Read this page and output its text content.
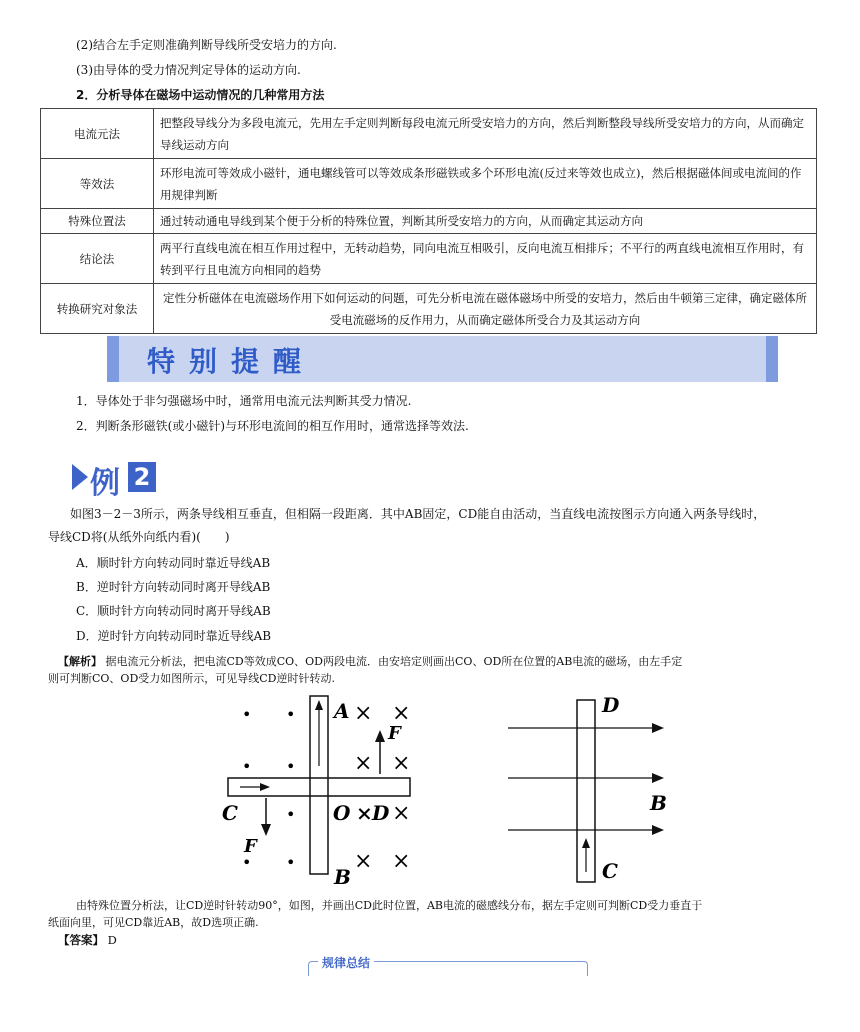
(2)结合左手定则准确判断导线所受安培力的方向.
(3)由导体的受力情况判定导体的运动方向.
2．分析导体在磁场中运动情况的几种常用方法
电流元法	把整段导线分为多段电流元，先用左手定则判断每段电流元所受安培力的方向，然后判断整段导线所受安培力的方向，从而确定导线运动方向
等效法	环形电流可等效成小磁针，通电螺线管可以等效成条形磁铁或多个环形电流(反过来等效也成立)，然后根据磁体间或电流间的作用规律判断
特殊位置法	通过转动通电导线到某个便于分析的特殊位置，判断其所受安培力的方向，从而确定其运动方向
结论法	两平行直线电流在相互作用过程中，无转动趋势，同向电流互相吸引，反向电流互相排斥；不平行的两直线电流相互作用时，有转到平行且电流方向相同的趋势
转换研究对象法	定性分析磁体在电流磁场作用下如何运动的问题，可先分析电流在磁体磁场中所受的安培力，然后由牛顿第三定律，确定磁体所受电流磁场的反作用力，从而确定磁体所受合力及其运动方向
特别提醒
1．导体处于非匀强磁场中时，通常用电流元法判断其受力情况.
2．判断条形磁铁(或小磁针)与环形电流间的相互作用时，通常选择等效法.
例 2
如图3－2－3所示，两条导线相互垂直，但相隔一段距离．其中AB固定，CD能自由活动，当直线电流按图示方向通入两条导线时，
导线CD将(从纸外向纸内看)(　　)
A．顺时针方向转动同时靠近导线AB
B．逆时针方向转动同时离开导线AB
C．顺时针方向转动同时离开导线AB
D．逆时针方向转动同时靠近导线AB
【解析】 据电流元分析法，把电流CD等效成CO、OD两段电流．由安培定则画出CO、OD所在位置的AB电流的磁场，由左手定
则可判断CO、OD受力如图所示，可见导线CD逆时针转动.
• •
• •
•
• •
× ×
× ×
×
× ×
A
F
C	O × D
F
B
D
B
C
由特殊位置分析法，让CD逆时针转动90°，如图，并画出CD此时位置，AB电流的磁感线分布，据左手定则可判断CD受力垂直于
纸面向里，可见CD靠近AB，故D选项正确.
【答案】 D
规律总结
